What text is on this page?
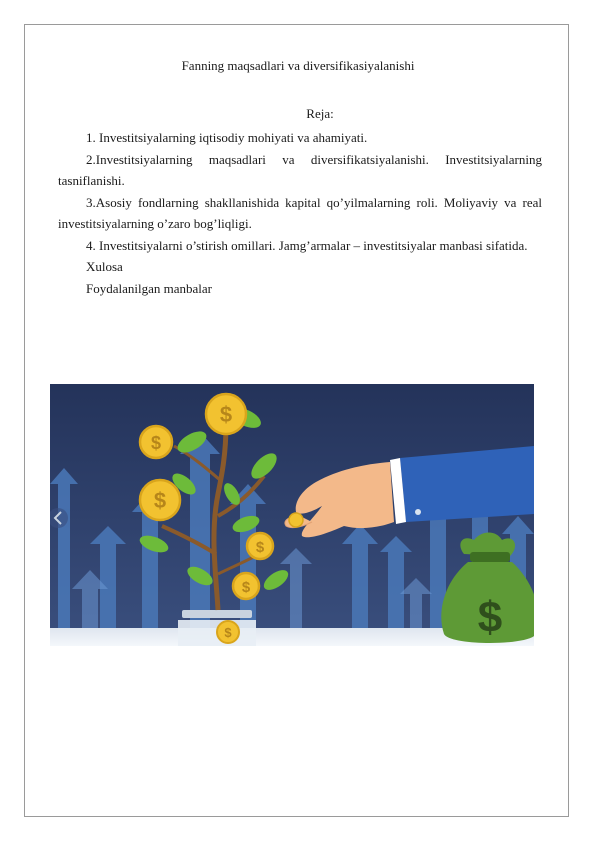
Fanning maqsadlari va diversifikasiyalanishi
Reja:

1. Investitsiyalarning iqtisodiy mohiyati va ahamiyati.

2.Investitsiyalarning maqsadlari va diversifikatsiyalanishi. Investitsiyalarning tasniflanishi.

3.Asosiy fondlarning shakllanishida kapital qo’yilmalarning roli. Moliyaviy va real investitsiyalarning o’zaro bog’liqligi.

4. Investitsiyalarni o’stirish omillari. Jamg’armalar – investitsiyalar manbasi sifatida.

Xulosa

Foydalanilgan manbalar

$
$
$
$
$
$
$
